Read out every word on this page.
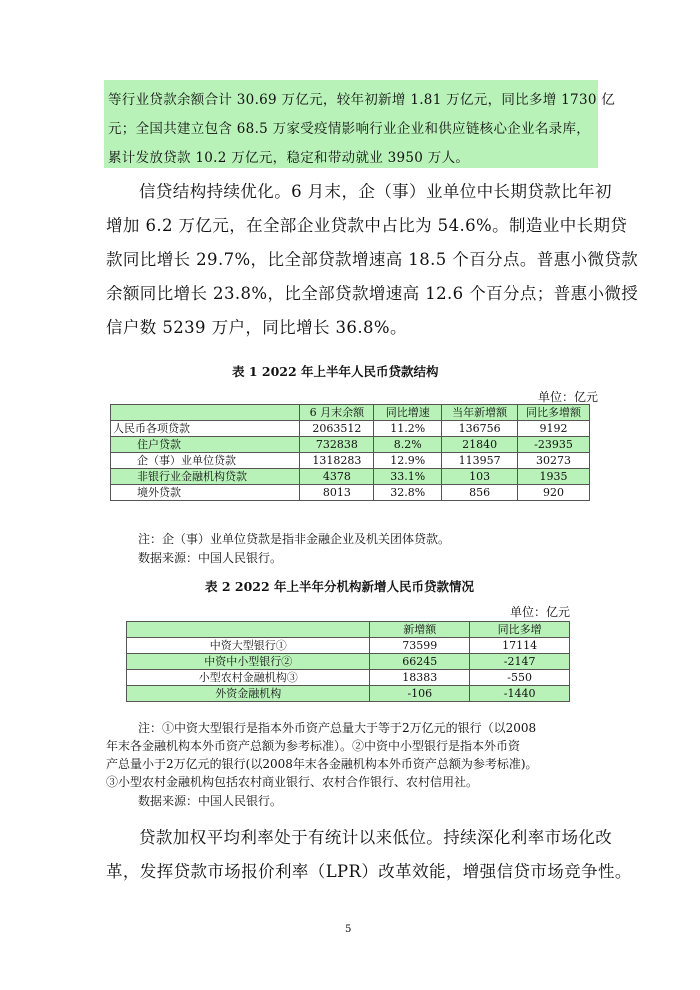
等行业贷款余额合计 30.69 万亿元，较年初新增 1.81 万亿元，同比多增 1730 亿
元；全国共建立包含 68.5 万家受疫情影响行业企业和供应链核心企业名录库，
累计发放贷款 10.2 万亿元，稳定和带动就业 3950 万人。
信贷结构持续优化。6 月末，企（事）业单位中长期贷款比年初
增加 6.2 万亿元，在全部企业贷款中占比为 54.6%。制造业中长期贷
款同比增长 29.7%，比全部贷款增速高 18.5 个百分点。普惠小微贷款
余额同比增长 23.8%，比全部贷款增速高 12.6 个百分点；普惠小微授
信户数 5239 万户，同比增长 36.8%。
表 1 2022 年上半年人民币贷款结构
单位：亿元
	6 月末余额	同比增速	当年新增额	同比多增额
人民币各项贷款	2063512	11.2%	136756	9192
住户贷款	732838	8.2%	21840	-23935
企（事）业单位贷款	1318283	12.9%	113957	30273
非银行业金融机构贷款	4378	33.1%	103	1935
境外贷款	8013	32.8%	856	920
注：企（事）业单位贷款是指非金融企业及机关团体贷款。
数据来源：中国人民银行。
表 2 2022 年上半年分机构新增人民币贷款情况
单位：亿元
	新增额	同比多增
中资大型银行①	73599	17114
中资中小型银行②	66245	-2147
小型农村金融机构③	18383	-550
外资金融机构	-106	-1440
注：①中资大型银行是指本外币资产总量大于等于2万亿元的银行（以2008
年末各金融机构本外币资产总额为参考标准）。②中资中小型银行是指本外币资
产总量小于2万亿元的银行(以2008年末各金融机构本外币资产总额为参考标准)。
③小型农村金融机构包括农村商业银行、农村合作银行、农村信用社。
数据来源：中国人民银行。
贷款加权平均利率处于有统计以来低位。持续深化利率市场化改
革，发挥贷款市场报价利率（LPR）改革效能，增强信贷市场竞争性。
5
